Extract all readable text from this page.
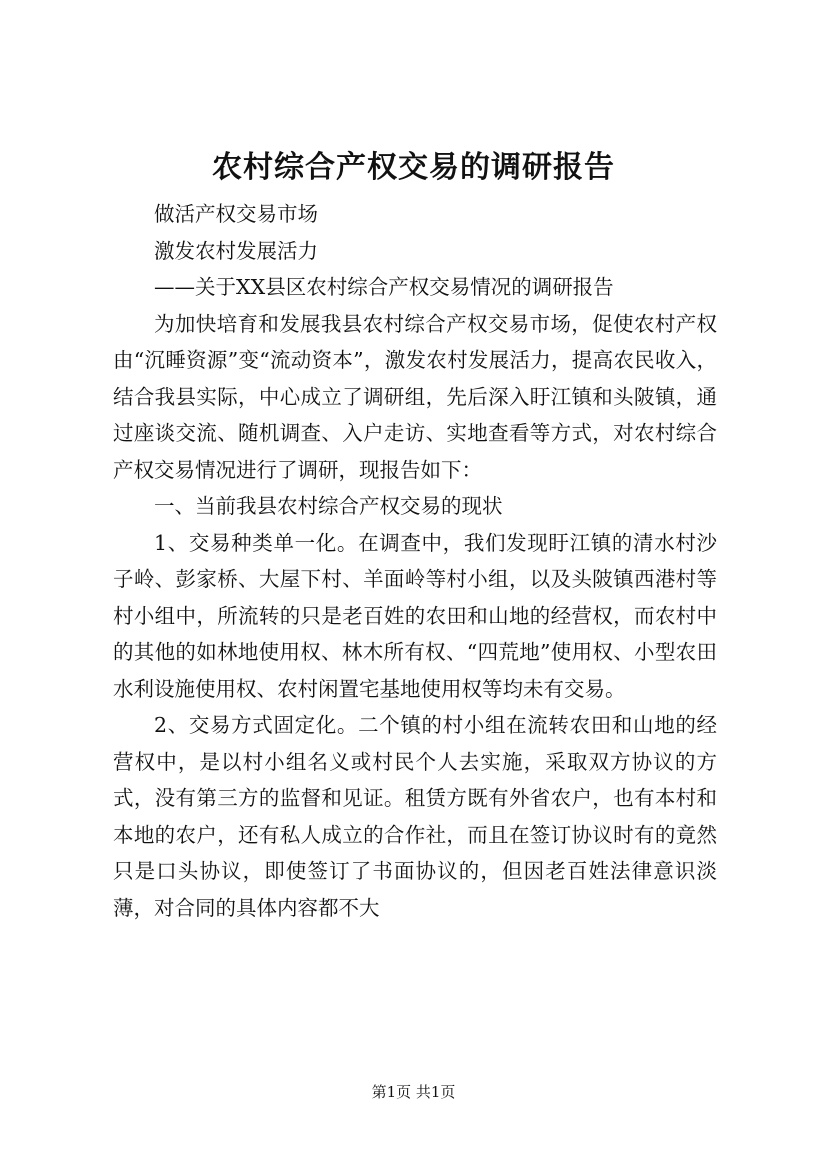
农村综合产权交易的调研报告

做活产权交易市场

激发农村发展活力

——关于XX县区农村综合产权交易情况的调研报告

为加快培育和发展我县农村综合产权交易市场，促使农村产权由“沉睡资源”变“流动资本”，激发农村发展活力，提高农民收入，结合我县实际，中心成立了调研组，先后深入盱江镇和头陂镇，通过座谈交流、随机调查、入户走访、实地查看等方式，对农村综合产权交易情况进行了调研，现报告如下：

一、当前我县农村综合产权交易的现状

1、交易种类单一化。在调查中，我们发现盱江镇的清水村沙子岭、彭家桥、大屋下村、羊面岭等村小组，以及头陂镇西港村等村小组中，所流转的只是老百姓的农田和山地的经营权，而农村中的其他的如林地使用权、林木所有权、“四荒地”使用权、小型农田水利设施使用权、农村闲置宅基地使用权等均未有交易。

2、交易方式固定化。二个镇的村小组在流转农田和山地的经营权中，是以村小组名义或村民个人去实施，采取双方协议的方式，没有第三方的监督和见证。租赁方既有外省农户，也有本村和本地的农户，还有私人成立的合作社，而且在签订协议时有的竟然只是口头协议，即使签订了书面协议的，但因老百姓法律意识淡薄，对合同的具体内容都不大

第1页 共1页
